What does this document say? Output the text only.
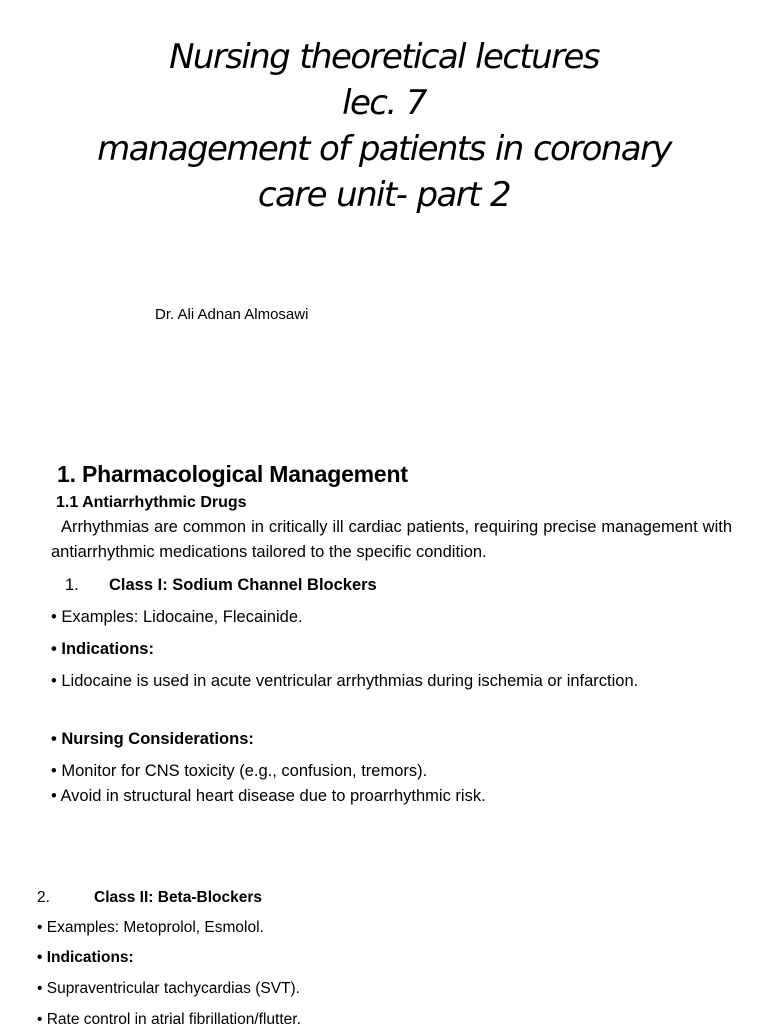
Nursing theoretical lectures
lec. 7
management of patients in coronary
care unit- part 2
Dr. Ali Adnan Almosawi
1. Pharmacological Management
1.1 Antiarrhythmic Drugs

Arrhythmias are common in critically ill cardiac patients, requiring precise management with antiarrhythmic medications tailored to the specific condition.

1. Class I: Sodium Channel Blockers
• Examples: Lidocaine, Flecainide.
• Indications:

• Lidocaine is used in acute ventricular arrhythmias during ischemia or infarction.

• Nursing Considerations:
• Monitor for CNS toxicity (e.g., confusion, tremors).
• Avoid in structural heart disease due to proarrhythmic risk.
2.	Class II: Beta-Blockers
• Examples: Metoprolol, Esmolol.
• Indications:
• Supraventricular tachycardias (SVT).
• Rate control in atrial fibrillation/flutter.
